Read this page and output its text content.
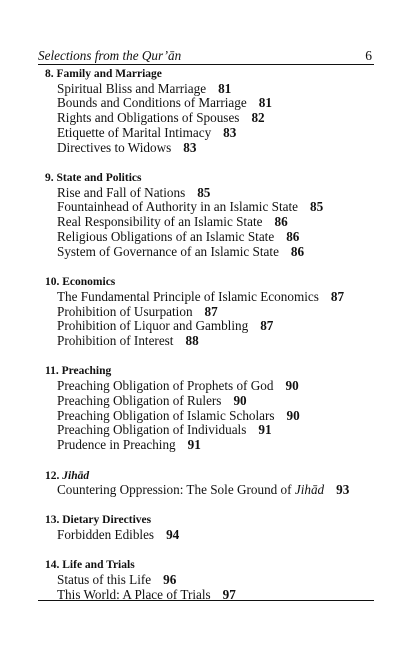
Selections from the Qur’ān	6
8. Family and Marriage
Spiritual Bliss and Marriage 81
Bounds and Conditions of Marriage 81
Rights and Obligations of Spouses 82
Etiquette of Marital Intimacy 83
Directives to Widows 83
9. State and Politics
Rise and Fall of Nations 85
Fountainhead of Authority in an Islamic State 85
Real Responsibility of an Islamic State 86
Religious Obligations of an Islamic State 86
System of Governance of an Islamic State 86
10. Economics
The Fundamental Principle of Islamic Economics 87
Prohibition of Usurpation 87
Prohibition of Liquor and Gambling 87
Prohibition of Interest 88
11. Preaching
Preaching Obligation of Prophets of God 90
Preaching Obligation of Rulers 90
Preaching Obligation of Islamic Scholars 90
Preaching Obligation of Individuals 91
Prudence in Preaching 91
12. Jihād
Countering Oppression: The Sole Ground of Jihād 93
13. Dietary Directives
Forbidden Edibles 94
14. Life and Trials
Status of this Life 96
This World: A Place of Trials 97
